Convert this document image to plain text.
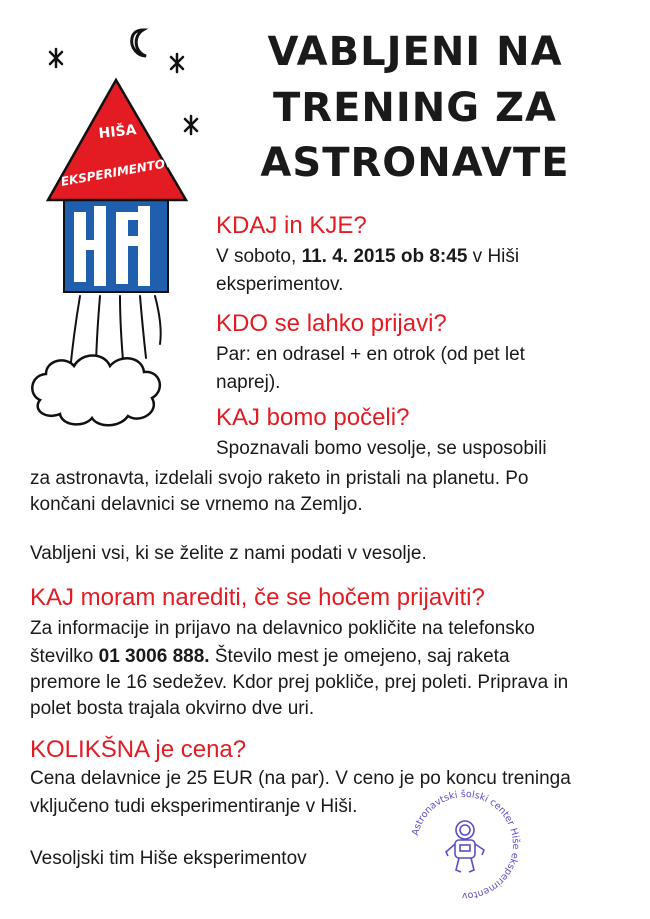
HIŠA
EKSPERIMENTOV
VABLJENI NA
TRENING ZA
ASTRONAVTE
KDAJ in KJE?
V soboto, 11. 4. 2015 ob 8:45 v Hiši
eksperimentov.
KDO se lahko prijavi?
Par: en odrasel + en otrok (od pet let
naprej).
KAJ bomo počeli?
Spoznavali bomo vesolje, se usposobili
za astronavta, izdelali svojo raketo in pristali na planetu. Po
končani delavnici se vrnemo na Zemljo.
Vabljeni vsi, ki se želite z nami podati v vesolje.
KAJ moram narediti, če se hočem prijaviti?
Za informacije in prijavo na delavnico pokličite na telefonsko
številko 01 3006 888. Število mest je omejeno, saj raketa
premore le 16 sedežev. Kdor prej pokliče, prej poleti. Priprava in
polet bosta trajala okvirno dve uri.
KOLIKŠNA je cena?
Cena delavnice je 25 EUR (na par). V ceno je po koncu treninga
vključeno tudi eksperimentiranje v Hiši.
Vesoljski tim Hiše eksperimentov
Astronavtski šolski center Hiše eksperimentov
